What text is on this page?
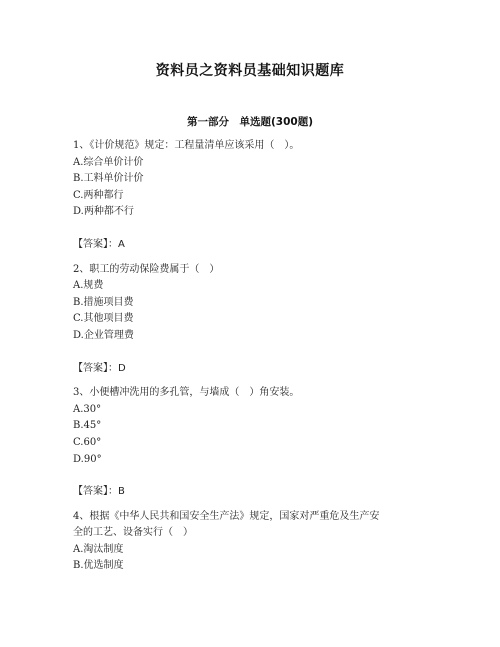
资料员之资料员基础知识题库
第一部分　单选题(300题)

1、《计价规范》规定：工程量清单应该采用（　）。

A.综合单价计价

B.工料单价计价

C.两种都行

D.两种都不行

【答案】：A

2、职工的劳动保险费属于（　）

A.规费

B.措施项目费

C.其他项目费

D.企业管理费

【答案】：D

3、小便槽冲洗用的多孔管，与墙成（　）角安装。

A.30°

B.45°

C.60°

D.90°

【答案】：B

4、根据《中华人民共和国安全生产法》规定，国家对严重危及生产安

全的工艺、设备实行（　）

A.淘汰制度

B.优选制度
